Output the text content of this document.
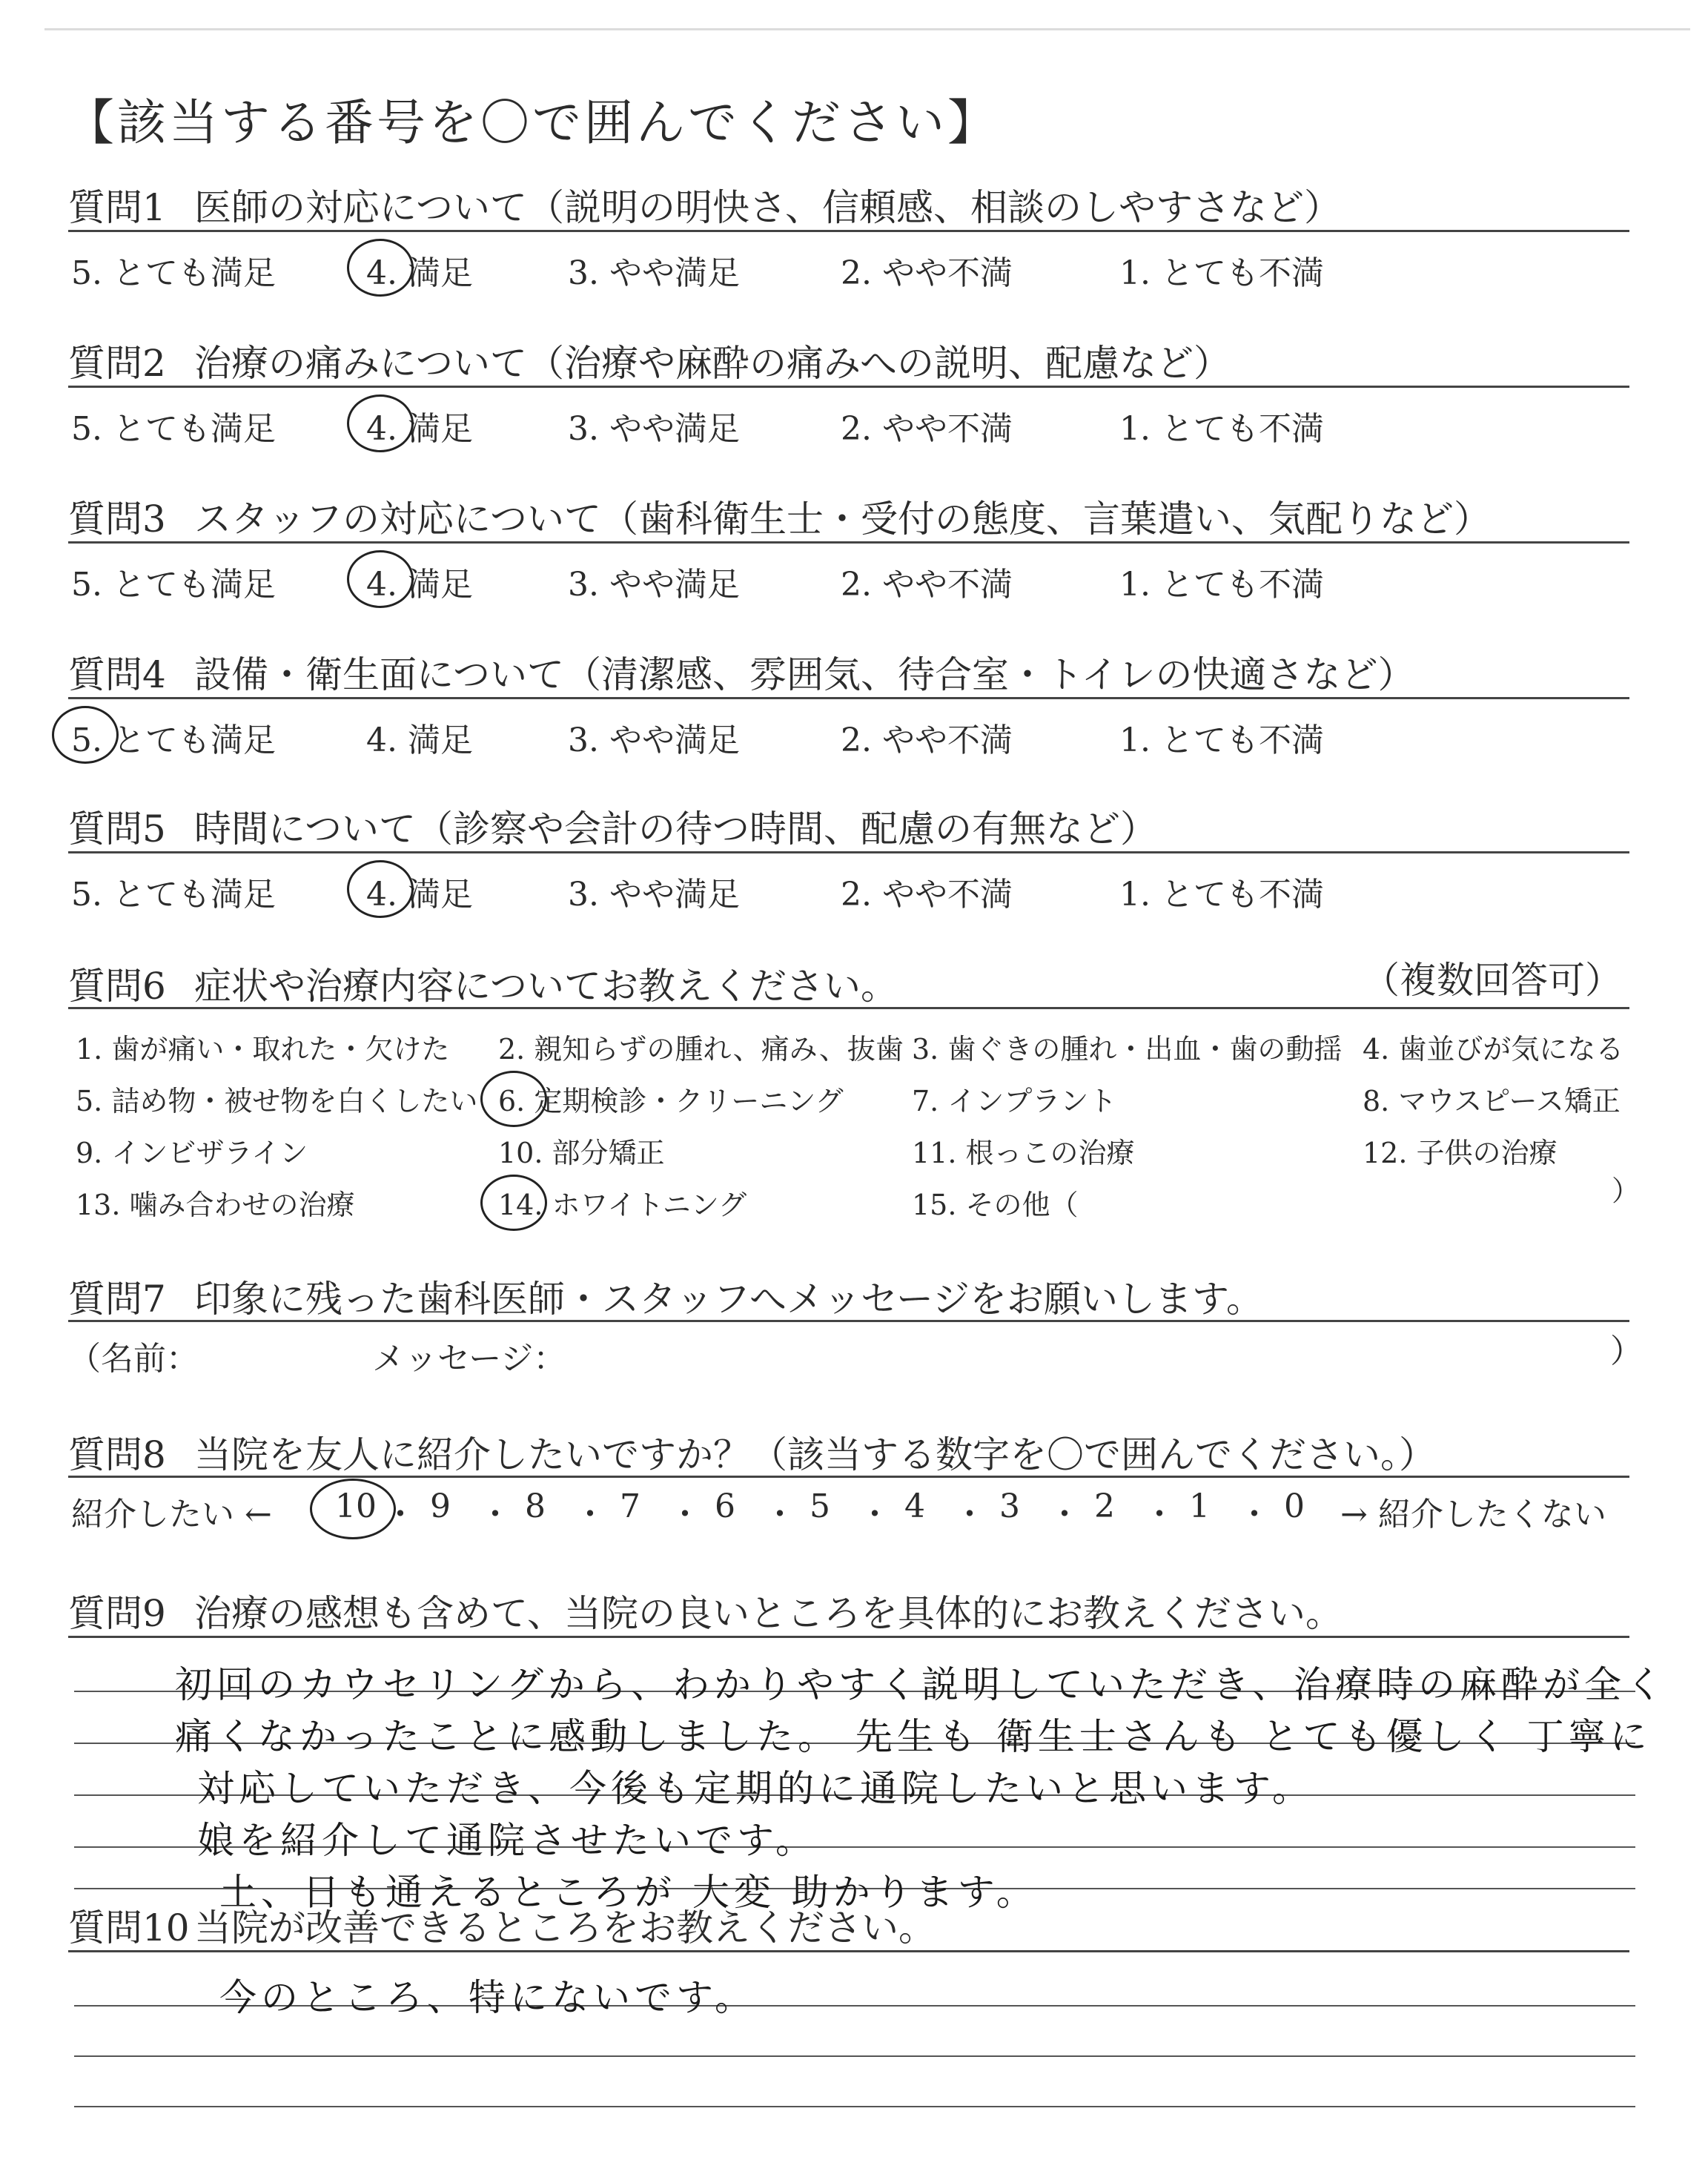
【該当する番号を〇で囲んでください】
質問1 医師の対応について（説明の明快さ、信頼感、相談のしやすさなど）
5. とても満足	4. 満足	3. やや満足	2. やや不満	1. とても不満
質問2 治療の痛みについて（治療や麻酔の痛みへの説明、配慮など）
5. とても満足	4. 満足	3. やや満足	2. やや不満	1. とても不満
質問3 スタッフの対応について（歯科衛生士・受付の態度、言葉遣い、気配りなど）
5. とても満足	4. 満足	3. やや満足	2. やや不満	1. とても不満
質問4 設備・衛生面について（清潔感、雰囲気、待合室・トイレの快適さなど）
5. とても満足	4. 満足	3. やや満足	2. やや不満	1. とても不満
質問5 時間について（診察や会計の待つ時間、配慮の有無など）
5. とても満足	4. 満足	3. やや満足	2. やや不満	1. とても不満
質問6 症状や治療内容についてお教えください。	（複数回答可）
1. 歯が痛い・取れた・欠けた 2. 親知らずの腫れ、痛み、抜歯 3. 歯ぐきの腫れ・出血・歯の動揺 4. 歯並びが気になる
5. 詰め物・被せ物を白くしたい 6. 定期検診・クリーニング 7. インプラント	8. マウスピース矯正
9. インビザライン	10. 部分矯正	11. 根っこの治療	12. 子供の治療
13. 噛み合わせの治療	14. ホワイトニング	15. その他（	）
質問7 印象に残った歯科医師・スタッフへメッセージをお願いします。
（名前：	メッセージ：	）
質問8 当院を友人に紹介したいですか？（該当する数字を〇で囲んでください。）
紹介したい ← 10 ・ 9 ・ 8 ・ 7 ・ 6 ・ 5 ・ 4 ・ 3 ・ 2 ・ 1 ・ 0 → 紹介したくない
質問9 治療の感想も含めて、当院の良いところを具体的にお教えください。
初回のカウセリングから、わかりやすく説明していただき、治療時の麻酔が全く
痛くなかったことに感動しました。 先生も 衛生士さんも とても優しく 丁寧に
対応していただき、今後も定期的に通院したいと思います。
娘を紹介して通院させたいです。
土、日も通えるところが 大変 助かります。
質問10 当院が改善できるところをお教えください。
今のところ、特にないです。
